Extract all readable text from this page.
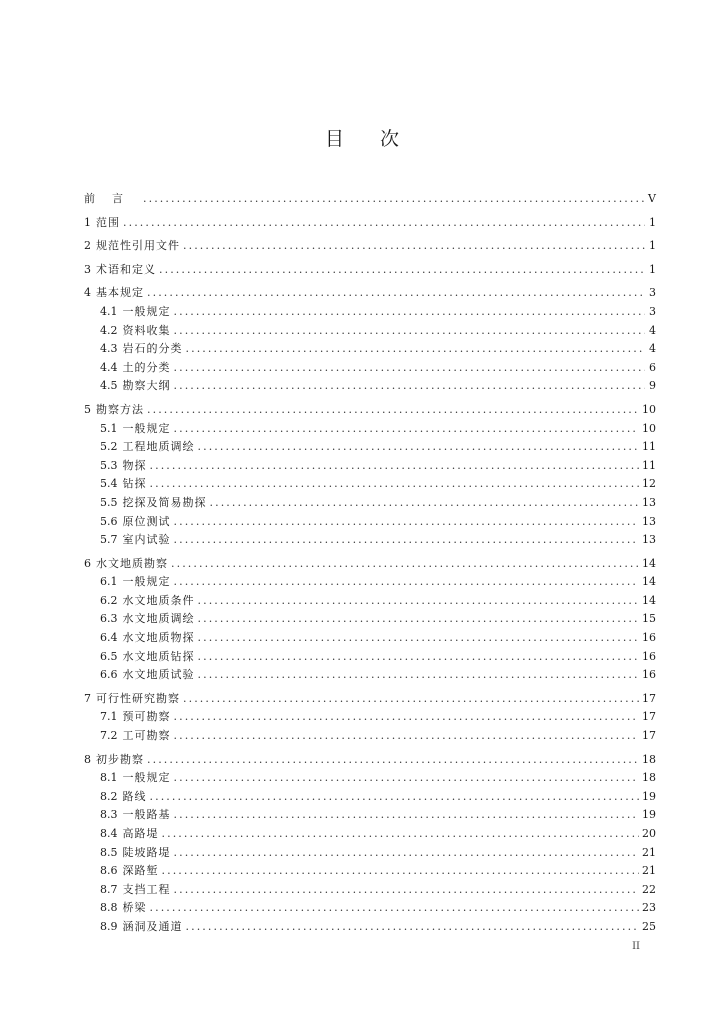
目 次
前言 .....	V
1 范围 .....	1
2 规范性引用文件 .....	1
3 术语和定义 .....	1
4 基本规定 .....	3
4.1 一般规定 .....	3
4.2 资料收集 .....	4
4.3 岩石的分类 .....	4
4.4 土的分类 .....	6
4.5 勘察大纲 .....	9
5 勘察方法 .....	10
5.1 一般规定 .....	10
5.2 工程地质调绘 .....	11
5.3 物探 .....	11
5.4 钻探 .....	12
5.5 挖探及简易勘探 .....	13
5.6 原位测试 .....	13
5.7 室内试验 .....	13
6 水文地质勘察 .....	14
6.1 一般规定 .....	14
6.2 水文地质条件 .....	14
6.3 水文地质调绘 .....	15
6.4 水文地质物探 .....	16
6.5 水文地质钻探 .....	16
6.6 水文地质试验 .....	16
7 可行性研究勘察 .....	17
7.1 预可勘察 .....	17
7.2 工可勘察 .....	17
8 初步勘察 .....	18
8.1 一般规定 .....	18
8.2 路线 .....	19
8.3 一般路基 .....	19
8.4 高路堤 .....	20
8.5 陡坡路堤 .....	21
8.6 深路堑 .....	21
8.7 支挡工程 .....	22
8.8 桥梁 .....	23
8.9 涵洞及通道 .....	25
II
